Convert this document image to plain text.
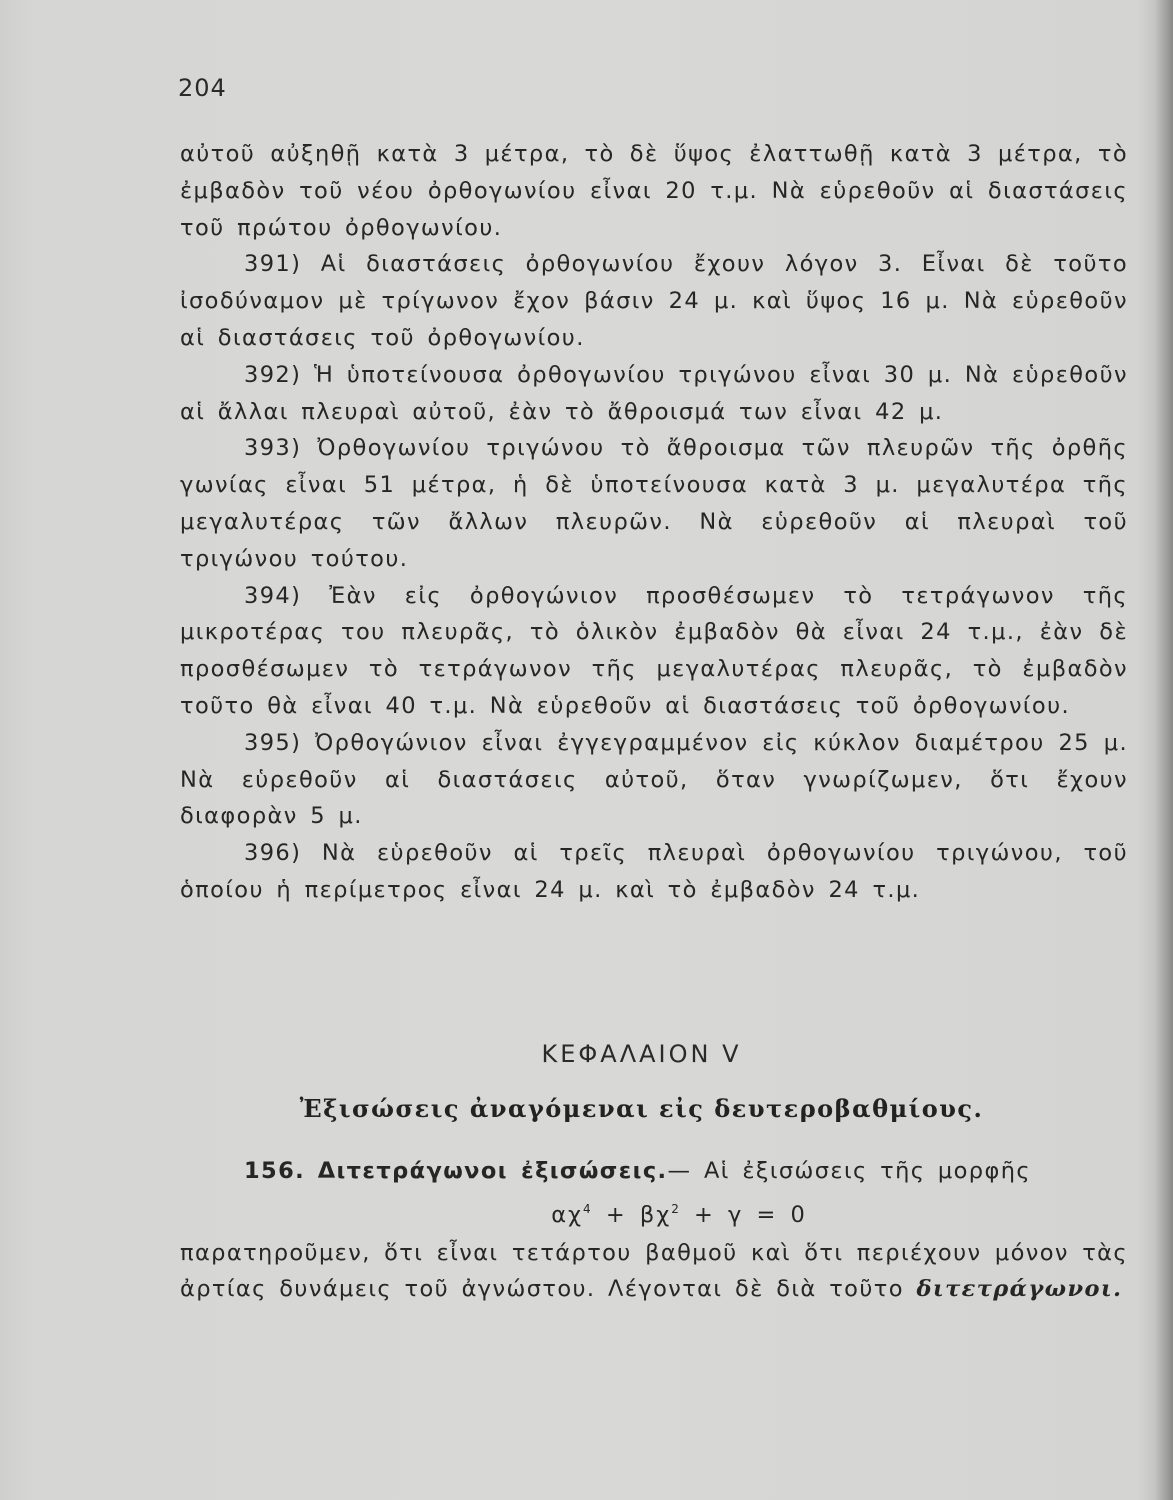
204

αὐτοῦ αὐξηθῇ κατὰ 3 μέτρα, τὸ δὲ ὕψος ἐλαττωθῇ κατὰ 3 μέτρα, τὸ ἐμβαδὸν τοῦ νέου ὀρθογωνίου εἶναι 20 τ.μ. Νὰ εὑρεθοῦν αἱ διαστάσεις τοῦ πρώτου ὀρθογωνίου.

391) Αἱ διαστάσεις ὀρθογωνίου ἔχουν λόγον 3. Εἶναι δὲ τοῦτο ἰσοδύναμον μὲ τρίγωνον ἔχον βάσιν 24 μ. καὶ ὕψος 16 μ. Νὰ εὑρεθοῦν αἱ διαστάσεις τοῦ ὀρθογωνίου.

392) Ἡ ὑποτείνουσα ὀρθογωνίου τριγώνου εἶναι 30 μ. Νὰ εὑρεθοῦν αἱ ἄλλαι πλευραὶ αὐτοῦ, ἐὰν τὸ ἄθροισμά των εἶναι 42 μ.

393) Ὀρθογωνίου τριγώνου τὸ ἄθροισμα τῶν πλευρῶν τῆς ὀρθῆς γωνίας εἶναι 51 μέτρα, ἡ δὲ ὑποτείνουσα κατὰ 3 μ. μεγαλυτέρα τῆς μεγαλυτέρας τῶν ἄλλων πλευρῶν. Νὰ εὑρεθοῦν αἱ πλευραὶ τοῦ τριγώνου τούτου.

394) Ἐὰν εἰς ὀρθογώνιον προσθέσωμεν τὸ τετράγωνον τῆς μικροτέρας του πλευρᾶς, τὸ ὁλικὸν ἐμβαδὸν θὰ εἶναι 24 τ.μ., ἐὰν δὲ προσθέσωμεν τὸ τετράγωνον τῆς μεγαλυτέρας πλευρᾶς, τὸ ἐμβαδὸν τοῦτο θὰ εἶναι 40 τ.μ. Νὰ εὑρεθοῦν αἱ διαστάσεις τοῦ ὀρθογωνίου.

395) Ὀρθογώνιον εἶναι ἐγγεγραμμένον εἰς κύκλον διαμέτρου 25 μ. Νὰ εὑρεθοῦν αἱ διαστάσεις αὐτοῦ, ὅταν γνωρίζωμεν, ὅτι ἔχουν διαφορὰν 5 μ.

396) Νὰ εὑρεθοῦν αἱ τρεῖς πλευραὶ ὀρθογωνίου τριγώνου, τοῦ ὁποίου ἡ περίμετρος εἶναι 24 μ. καὶ τὸ ἐμβαδὸν 24 τ.μ.

ΚΕΦΑΛΑΙΟΝ V
Ἐξισώσεις ἀναγόμεναι εἰς δευτεροβαθμίους.
156. Διτετράγωνοι ἐξισώσεις.— Αἱ ἐξισώσεις τῆς μορφῆς
$\alpha\chi^4 + \beta\chi^2 + \gamma = 0$
παρατηροῦμεν, ὅτι εἶναι τετάρτου βαθμοῦ καὶ ὅτι περιέχουν μόνον τὰς ἀρτίας δυνάμεις τοῦ ἀγνώστου. Λέγονται δὲ διὰ τοῦτο διτετράγωνοι.
